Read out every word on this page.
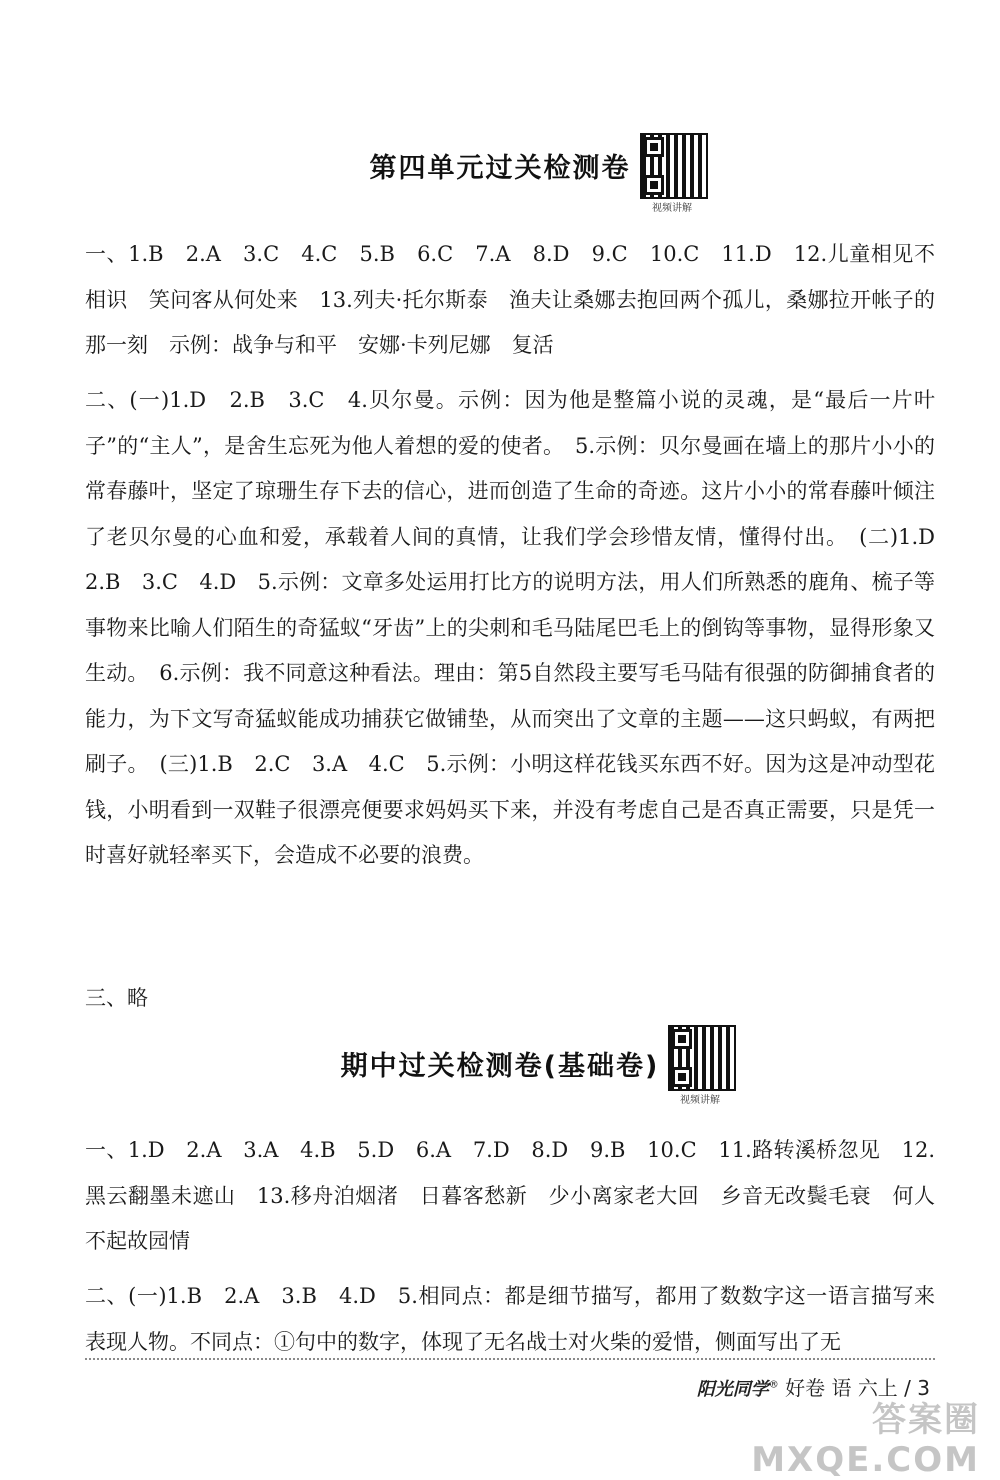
第四单元过关检测卷
视频讲解

一、1.B　2.A　3.C　4.C　5.B　6.C　7.A　8.D　9.C　10.C　11.D　12.儿童相见不相识　笑问客从何处来　13.列夫·托尔斯泰　渔夫让桑娜去抱回两个孤儿，桑娜拉开帐子的那一刻　示例：战争与和平　安娜·卡列尼娜　复活

二、(一)1.D　2.B　3.C　4.贝尔曼。示例：因为他是整篇小说的灵魂，是“最后一片叶子”的“主人”，是舍生忘死为他人着想的爱的使者。　5.示例：贝尔曼画在墙上的那片小小的常春藤叶，坚定了琼珊生存下去的信心，进而创造了生命的奇迹。这片小小的常春藤叶倾注了老贝尔曼的心血和爱，承载着人间的真情，让我们学会珍惜友情，懂得付出。　(二)1.D　2.B　3.C　4.D　5.示例：文章多处运用打比方的说明方法，用人们所熟悉的鹿角、梳子等事物来比喻人们陌生的奇猛蚁“牙齿”上的尖刺和毛马陆尾巴毛上的倒钩等事物，显得形象又生动。　6.示例：我不同意这种看法。理由：第5自然段主要写毛马陆有很强的防御捕食者的能力，为下文写奇猛蚁能成功捕获它做铺垫，从而突出了文章的主题——这只蚂蚁，有两把刷子。　(三)1.B　2.C　3.A　4.C　5.示例：小明这样花钱买东西不好。因为这是冲动型花钱，小明看到一双鞋子很漂亮便要求妈妈买下来，并没有考虑自己是否真正需要，只是凭一时喜好就轻率买下，会造成不必要的浪费。

三、略

期中过关检测卷(基础卷)
视频讲解

一、1.D　2.A　3.A　4.B　5.D　6.A　7.D　8.D　9.B　10.C　11.路转溪桥忽见　12.黑云翻墨未遮山　13.移舟泊烟渚　日暮客愁新　少小离家老大回　乡音无改鬓毛衰　何人不起故园情

二、(一)1.B　2.A　3.B　4.D　5.相同点：都是细节描写，都用了数数字这一语言描写来表现人物。不同点：①句中的数字，体现了无名战士对火柴的爱惜，侧面写出了无

阳光同学® 好卷 语 六上 / 3
答案圈
MXQE.COM
